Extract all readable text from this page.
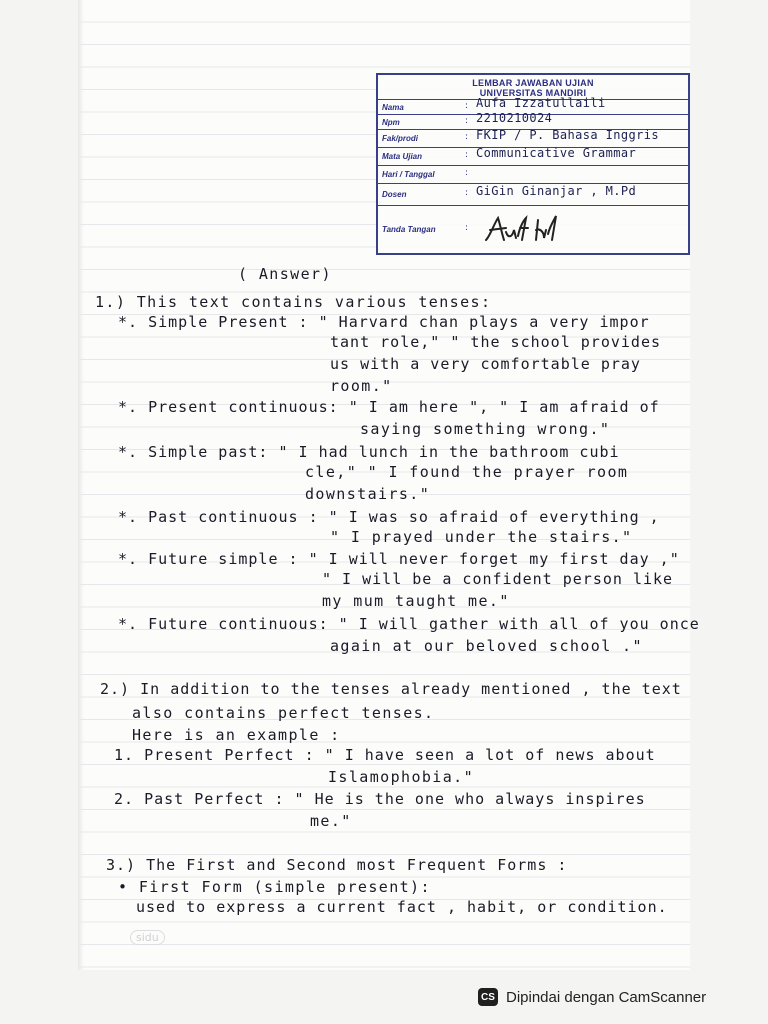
LEMBAR JAWABAN UJIAN
UNIVERSITAS MANDIRI
Nama	: Aufa Izzatullaili
Npm	: 2210210024
Fak/prodi	: FKIP / P. Bahasa Inggris
Mata Ujian	: Communicative Grammar
Hari / Tanggal	:
Dosen	: GiGin Ginanjar , M.Pd
Tanda Tangan	:
( Answer)
1.) This text contains various tenses:
*. Simple Present : " Harvard chan plays a very impor
tant role," " the school provides
us with a very comfortable pray
room."
*. Present continuous: " I am here ", " I am afraid of
saying something wrong."
*. Simple past: " I had lunch in the bathroom cubi
cle," " I found the prayer room
downstairs."
*. Past continuous : " I was so afraid of everything ,
" I prayed under the stairs."
*. Future simple : " I will never forget my first day ,"
" I will be a confident person like
my mum taught me."
*. Future continuous: " I will gather with all of you once
again at our beloved school ."
2.) In addition to the tenses already mentioned , the text
also contains perfect tenses.
Here is an example :
1. Present Perfect : " I have seen a lot of news about
Islamophobia."
2. Past Perfect : " He is the one who always inspires
me."
3.) The First and Second most Frequent Forms :
• First Form (simple present):
used to express a current fact , habit, or condition.
sidu
CS Dipindai dengan CamScanner
